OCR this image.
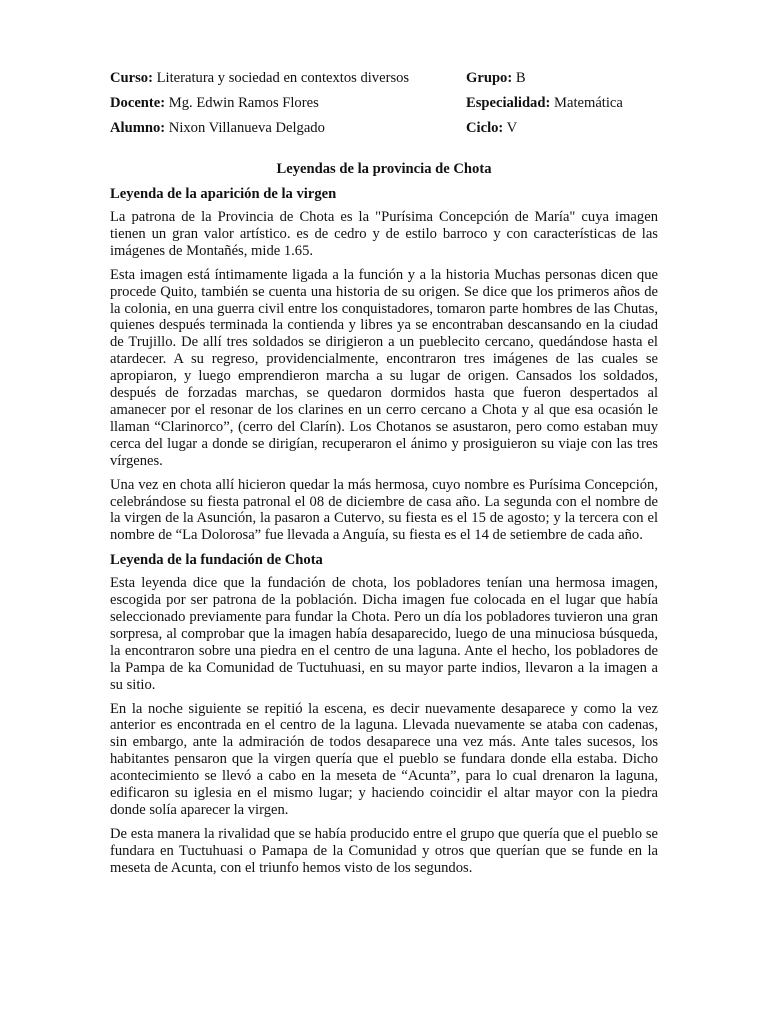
Curso: Literatura y sociedad en contextos diversos	Grupo: B
Docente: Mg. Edwin Ramos Flores	Especialidad: Matemática
Alumno: Nixon Villanueva Delgado	Ciclo: V
Leyendas de la provincia de Chota
Leyenda de la aparición de la virgen

La patrona de la Provincia de Chota es la "Purísima Concepción de María" cuya imagen tienen un gran valor artístico. es de cedro y de estilo barroco y con características de las imágenes de Montañés, mide 1.65.

Esta imagen está íntimamente ligada a la función y a la historia Muchas personas dicen que procede Quito, también se cuenta una historia de su origen. Se dice que los primeros años de la colonia, en una guerra civil entre los conquistadores, tomaron parte hombres de las Chutas, quienes después terminada la contienda y libres ya se encontraban descansando en la ciudad de Trujillo. De allí tres soldados se dirigieron a un pueblecito cercano, quedándose hasta el atardecer. A su regreso, providencialmente, encontraron tres imágenes de las cuales se apropiaron, y luego emprendieron marcha a su lugar de origen. Cansados los soldados, después de forzadas marchas, se quedaron dormidos hasta que fueron despertados al amanecer por el resonar de los clarines en un cerro cercano a Chota y al que esa ocasión le llaman “Clarinorco”, (cerro del Clarín). Los Chotanos se asustaron, pero como estaban muy cerca del lugar a donde se dirigían, recuperaron el ánimo y prosiguieron su viaje con las tres vírgenes.

Una vez en chota allí hicieron quedar la más hermosa, cuyo nombre es Purísima Concepción, celebrándose su fiesta patronal el 08 de diciembre de casa año. La segunda con el nombre de la virgen de la Asunción, la pasaron a Cutervo, su fiesta es el 15 de agosto; y la tercera con el nombre de “La Dolorosa” fue llevada a Anguía, su fiesta es el 14 de setiembre de cada año.

Leyenda de la fundación de Chota

Esta leyenda dice que la fundación de chota, los pobladores tenían una hermosa imagen, escogida por ser patrona de la población. Dicha imagen fue colocada en el lugar que había seleccionado previamente para fundar la Chota. Pero un día los pobladores tuvieron una gran sorpresa, al comprobar que la imagen había desaparecido, luego de una minuciosa búsqueda, la encontraron sobre una piedra en el centro de una laguna. Ante el hecho, los pobladores de la Pampa de ka Comunidad de Tuctuhuasi, en su mayor parte indios, llevaron a la imagen a su sitio.

En la noche siguiente se repitió la escena, es decir nuevamente desaparece y como la vez anterior es encontrada en el centro de la laguna. Llevada nuevamente se ataba con cadenas, sin embargo, ante la admiración de todos desaparece una vez más. Ante tales sucesos, los habitantes pensaron que la virgen quería que el pueblo se fundara donde ella estaba. Dicho acontecimiento se llevó a cabo en la meseta de “Acunta”, para lo cual drenaron la laguna, edificaron su iglesia en el mismo lugar; y haciendo coincidir el altar mayor con la piedra donde solía aparecer la virgen.

De esta manera la rivalidad que se había producido entre el grupo que quería que el pueblo se fundara en Tuctuhuasi o Pamapa de la Comunidad y otros que querían que se funde en la meseta de Acunta, con el triunfo hemos visto de los segundos.
